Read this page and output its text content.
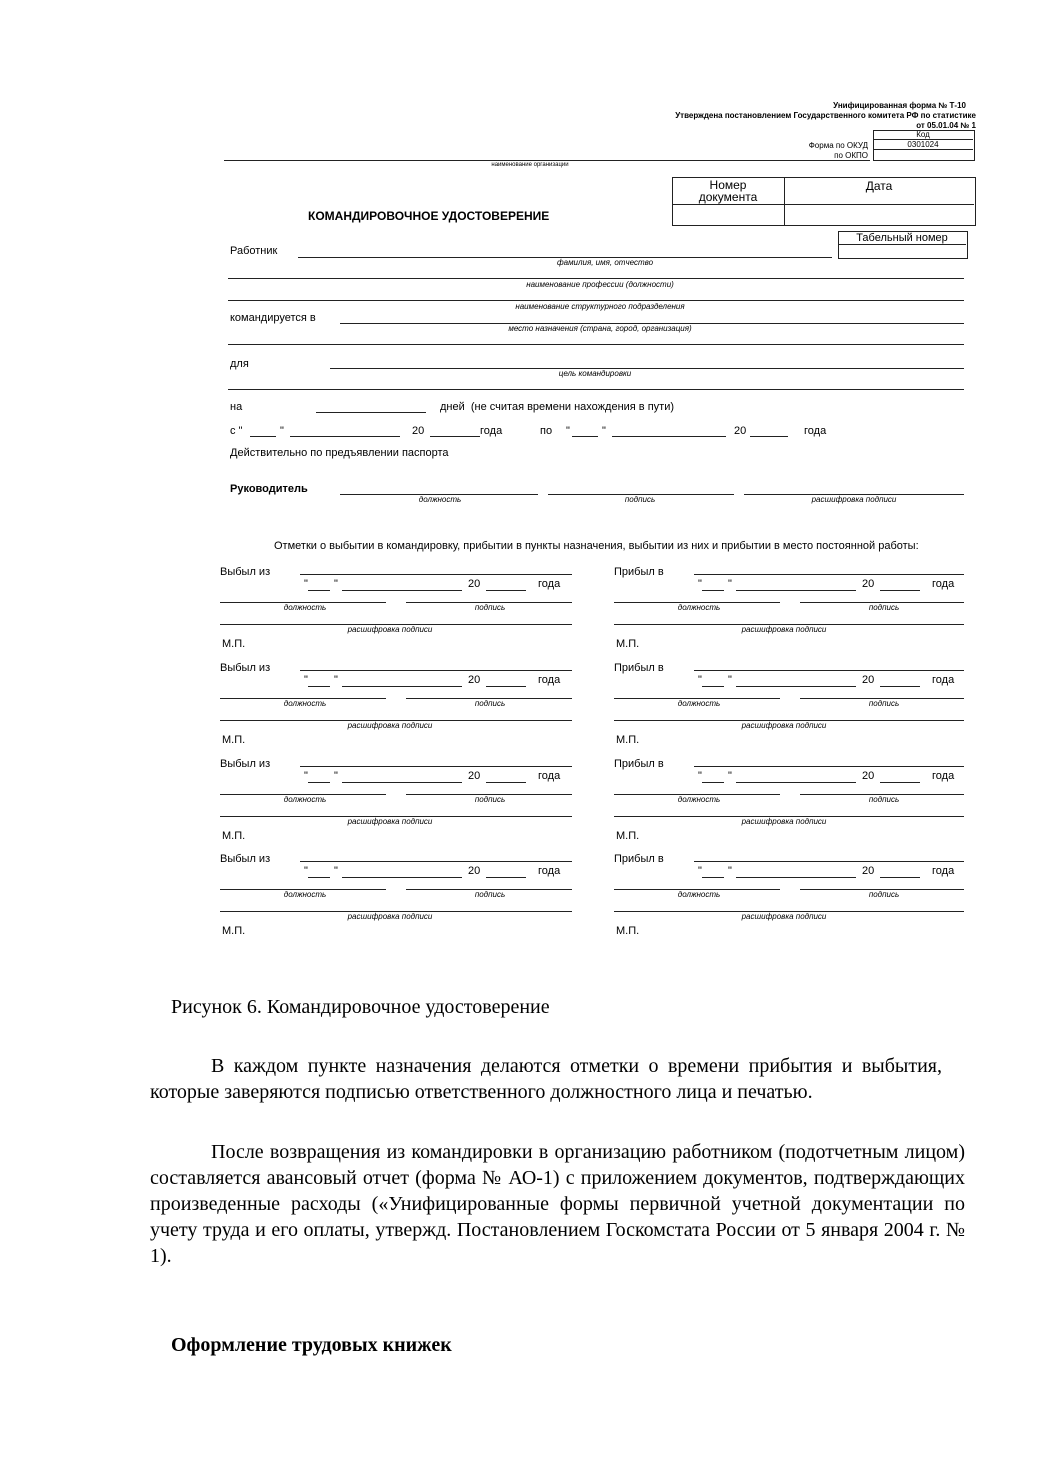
Унифицированная форма № Т-10
Утверждена постановлением Государственного комитета РФ по статистике
от 05.01.04 № 1
Код
Форма по ОКУД	0301024
по ОКПО
наименование организации
Номер документа
Дата
КОМАНДИРОВОЧНОЕ УДОСТОВЕРЕНИЕ
Табельный номер
Работник
фамилия, имя, отчество
наименование профессии (должности)
наименование структурного подразделения
командируется в
место назначения (страна, город, организация)
для
цель командировки
на	дней  (не считая времени нахождения в пути)
с "	"	20	года	по "	"	20	года
Действительно по предъявлении паспорта
Руководитель
должность	подпись	расшифровка подписи
Отметки о выбытии в командировку, прибытии в пункты назначения, выбытии из них и прибытии в место постоянной работы:
Выбыл из
" "	20	года
должность	подпись
расшифровка подписи
М.П.
Прибыл в
" "	20	года
должность	подпись
расшифровка подписи
М.П.
Выбыл из
" "	20	года
должность	подпись
расшифровка подписи
М.П.
Прибыл в
" "	20	года
должность	подпись
расшифровка подписи
М.П.
Выбыл из
" "	20	года
должность	подпись
расшифровка подписи
М.П.
Прибыл в
" "	20	года
должность	подпись
расшифровка подписи
М.П.
Выбыл из
" "	20	года
должность	подпись
расшифровка подписи
М.П.
Прибыл в
" "	20	года
должность	подпись
расшифровка подписи
М.П.
Рисунок 6. Командировочное удостоверение
В каждом пункте назначения делаются отметки о времени прибытия и выбытия, которые заверяются подписью ответственного должностного лица и печатью.
После возвращения из командировки в организацию работником (подотчетным лицом) составляется авансовый отчет (форма № АО-1) с приложением документов, подтверждающих произведенные расходы («Унифицированные формы первичной учетной документации по учету труда и его оплаты, утвержд. Постановлением Госкомстата России от 5 января 2004 г. № 1).
Оформление трудовых книжек
